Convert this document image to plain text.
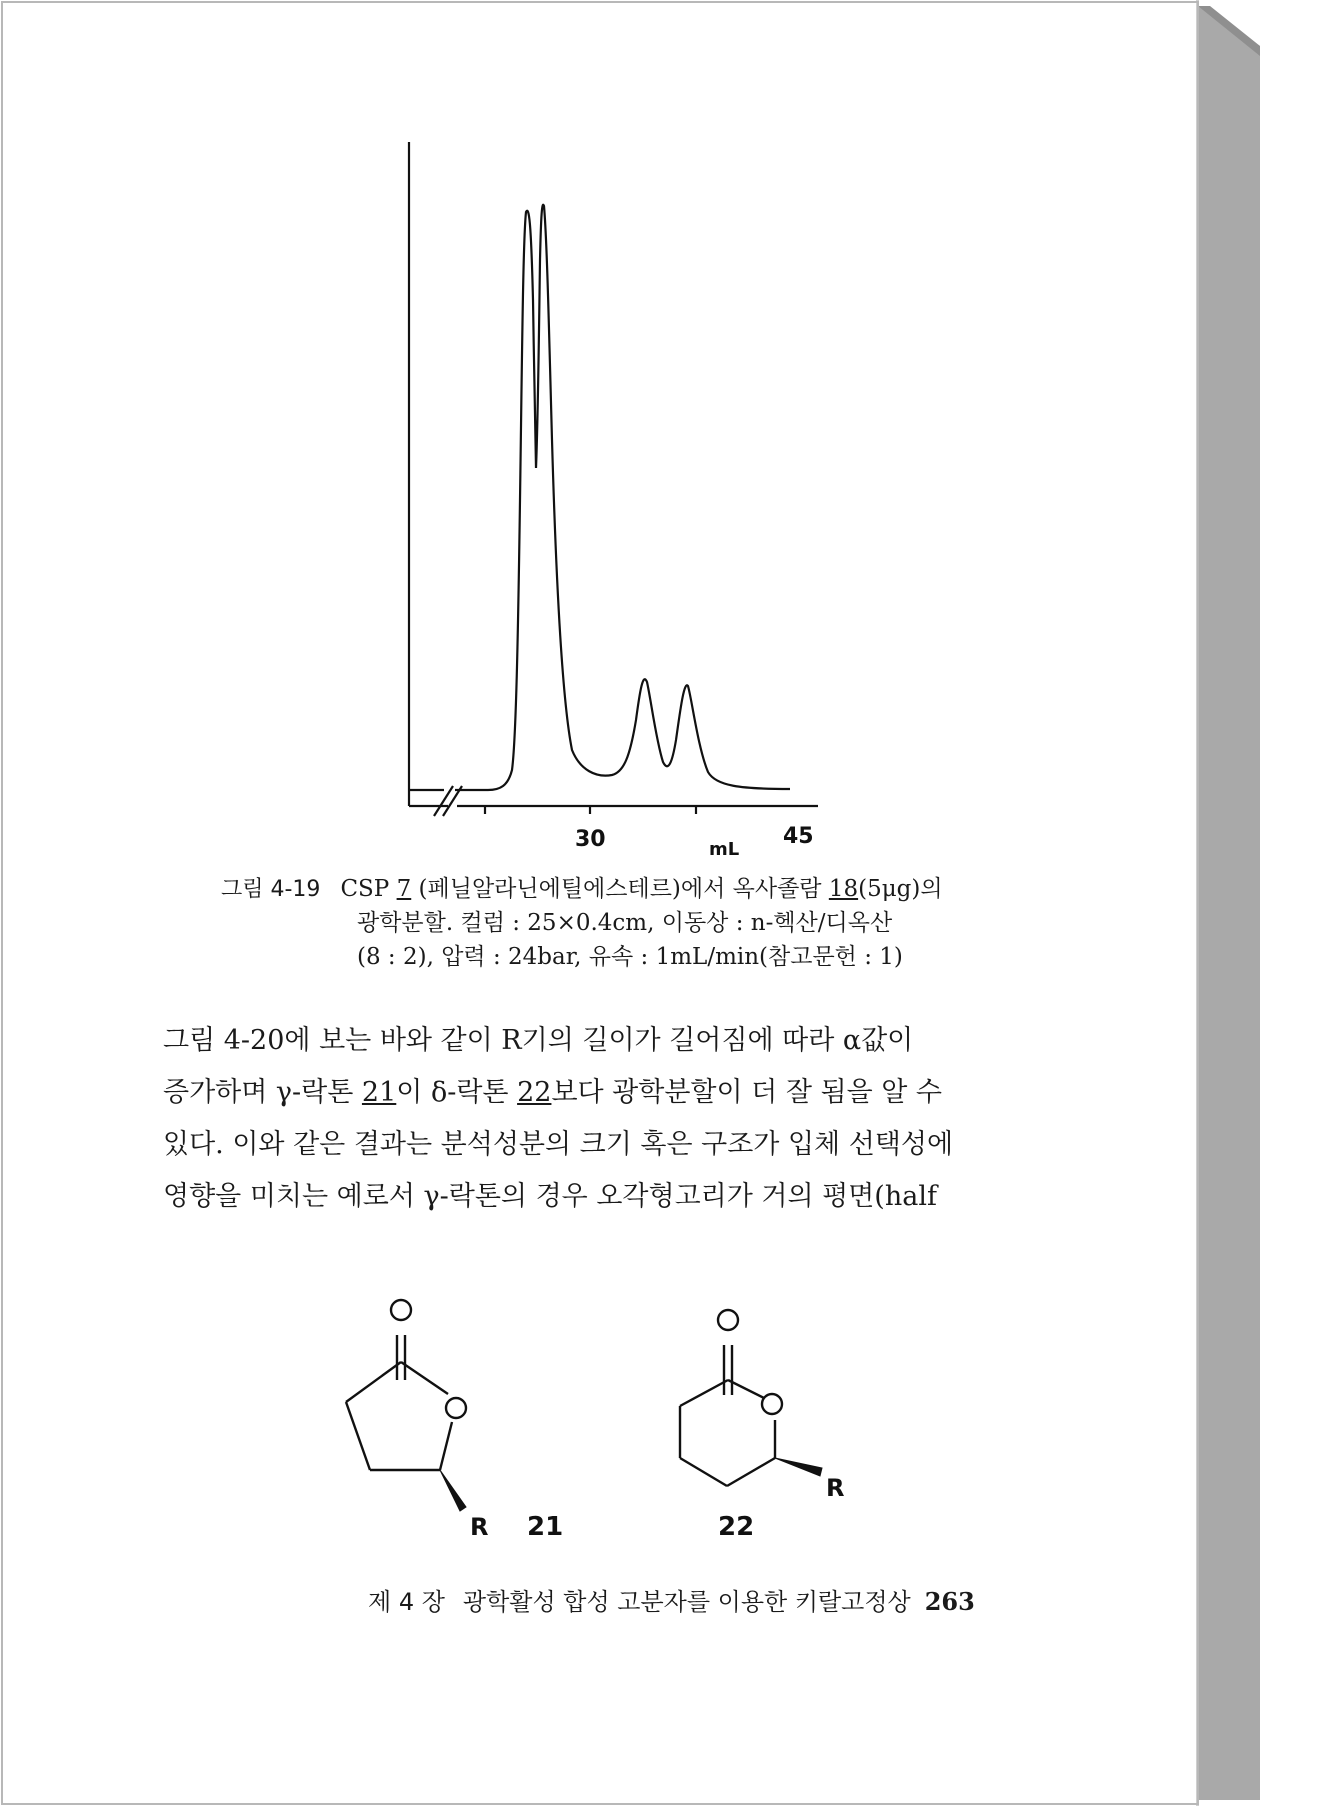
30	45
mL
R 21
R
22
그림 4-19 CSP 7 (페닐알라닌에틸에스테르)에서 옥사졸람 18(5μg)의
광학분할. 컬럼 : 25×0.4cm, 이동상 : n-헥산/디옥산
(8 : 2), 압력 : 24bar, 유속 : 1mL/min(참고문헌 : 1)
그림 4-20에 보는 바와 같이 R기의 길이가 길어짐에 따라 α값이
증가하며 γ-락톤 21이 δ-락톤 22보다 광학분할이 더 잘 됨을 알 수
있다. 이와 같은 결과는 분석성분의 크기 혹은 구조가 입체 선택성에
영향을 미치는 예로서 γ-락톤의 경우 오각형고리가 거의 평면(half
제 4 장 광학활성 합성 고분자를 이용한 키랄고정상 263
